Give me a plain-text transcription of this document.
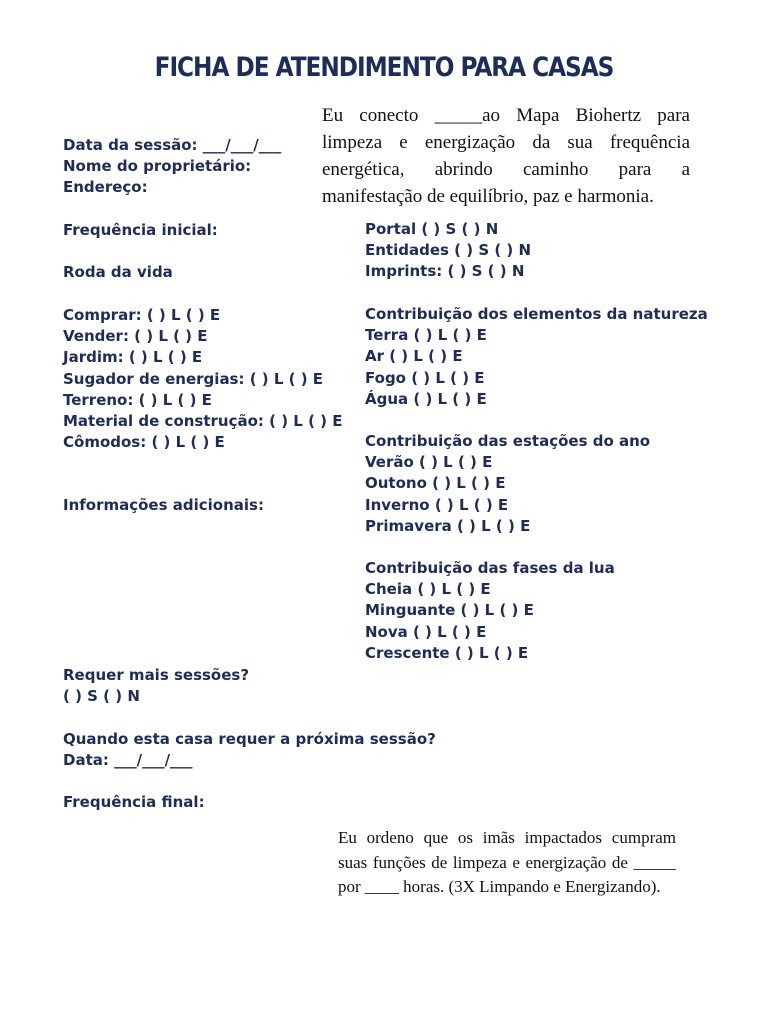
FICHA DE ATENDIMENTO PARA CASAS
Eu conecto _____ao Mapa Biohertz para limpeza e energização da sua frequência energética, abrindo caminho para a manifestação de equilíbrio, paz e harmonia.
Data da sessão: ___/___/___
Nome do proprietário:
Endereço:
Frequência inicial:
Roda da vida
Comprar: ( ) L ( ) E
Vender: ( ) L ( ) E
Jardim: ( ) L ( ) E
Sugador de energias: ( ) L ( ) E
Terreno: ( ) L ( ) E
Material de construção: ( ) L ( ) E
Cômodos: ( ) L ( ) E
Informações adicionais:
Requer mais sessões?
( ) S ( ) N
Quando esta casa requer a próxima sessão?
Data: ___/___/___
Frequência final:
Portal ( ) S ( ) N
Entidades ( ) S ( ) N
Imprints: ( ) S ( ) N
Contribuição dos elementos da natureza
Terra ( ) L ( ) E
Ar ( ) L ( ) E
Fogo ( ) L ( ) E
Água ( ) L ( ) E
Contribuição das estações do ano
Verão ( ) L ( ) E
Outono ( ) L ( ) E
Inverno ( ) L ( ) E
Primavera ( ) L ( ) E
Contribuição das fases da lua
Cheia ( ) L ( ) E
Minguante ( ) L ( ) E
Nova ( ) L ( ) E
Crescente ( ) L ( ) E
Eu ordeno que os imãs impactados cumpram suas funções de limpeza e energização de _____ por ____ horas. (3X Limpando e Energizando).
